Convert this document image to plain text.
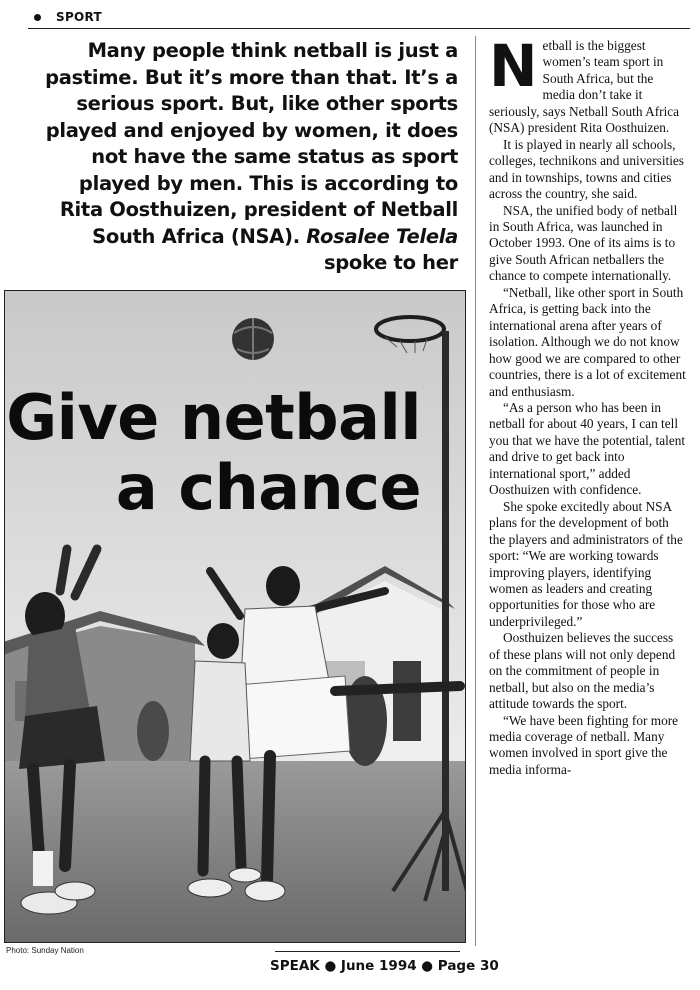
SPORT
Many people think netball is just a pastime. But it’s more than that. It’s a serious sport. But, like other sports played and enjoyed by women, it does not have the same status as sport played by men. This is according to Rita Oosthuizen, president of Netball South Africa (NSA). Rosalee Telela spoke to her

Netball is the biggest women’s team sport in South Africa, but the media don’t take it seriously, says Netball South Africa (NSA) president Rita Oosthuizen.

It is played in nearly all schools, colleges, technikons and universities and in townships, towns and cities across the country, she said.

NSA, the unified body of netball in South Africa, was launched in October 1993. One of its aims is to give South African netballers the chance to compete internationally.

“Netball, like other sport in South Africa, is getting back into the international arena after years of isolation. Although we do not know how good we are compared to other countries, there is a lot of excitement and enthusiasm.

“As a person who has been in netball for about 40 years, I can tell you that we have the potential, talent and drive to get back into international sport,” added Oosthuizen with confidence.

She spoke excitedly about NSA plans for the development of both the players and administrators of the sport: “We are working towards improving players, identifying women as leaders and creating opportunities for those who are underprivileged.”

Oosthuizen believes the success of these plans will not only depend on the commitment of people in netball, but also on the media’s attitude towards the sport.

“We have been fighting for more media coverage of netball. Many women involved in sport give the media informa-

Give netball
a chance
Photo: Sunday Nation
SPEAK ● June 1994 ● Page 30
